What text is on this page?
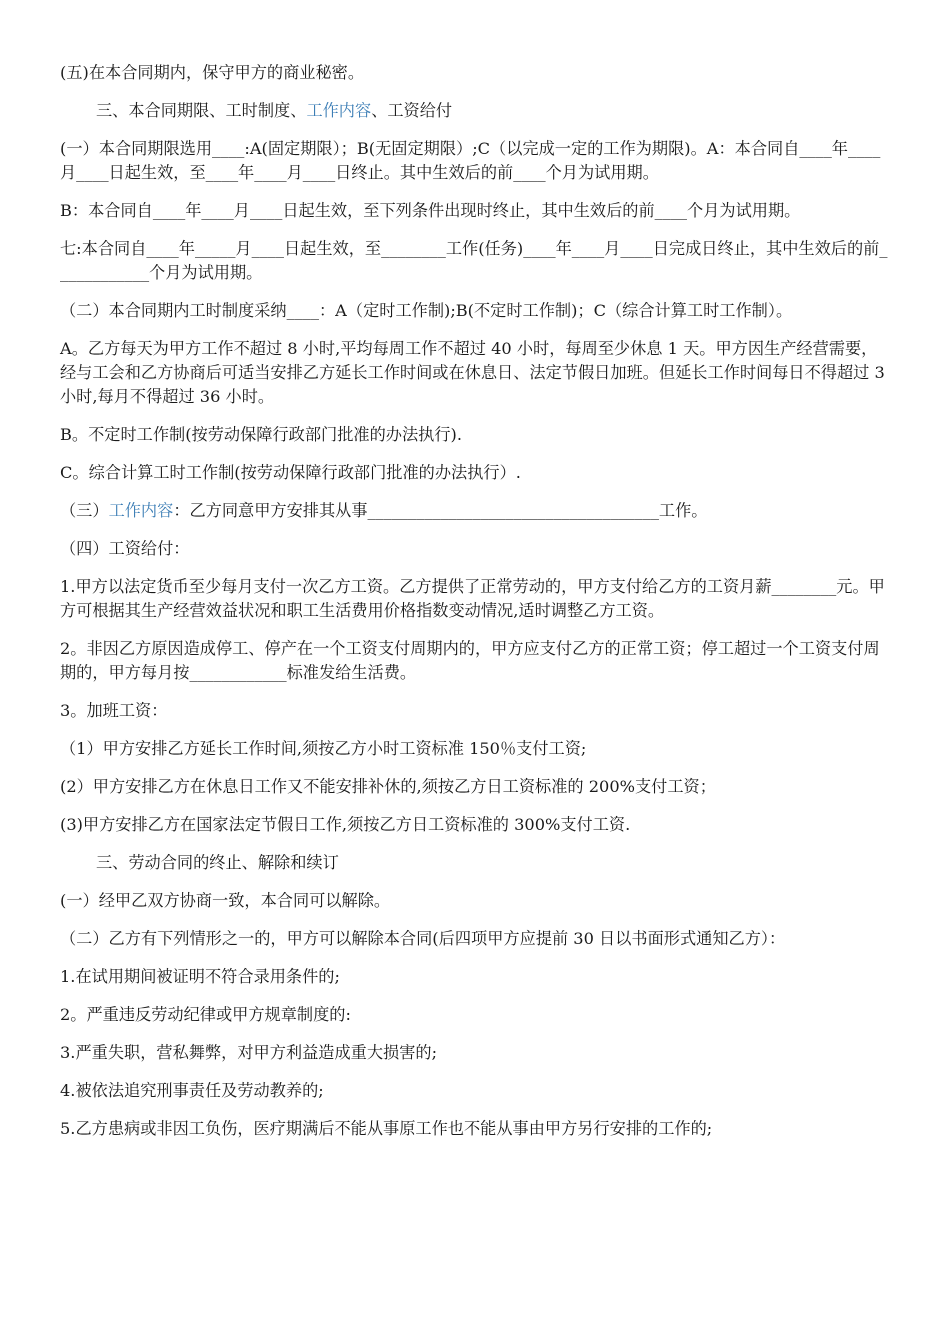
(五)在本合同期内，保守甲方的商业秘密。

三、本合同期限、工时制度、工作内容、工资给付

(一）本合同期限选用____:A(固定期限）；B(无固定期限）;C（以完成一定的工作为期限)。A：本合同自____年____月____日起生效，至____年____月____日终止。其中生效后的前____个月为试用期。

B：本合同自____年____月____日起生效，至下列条件出现时终止，其中生效后的前____个月为试用期。

七:本合同自____年_____月____日起生效，至________工作(任务)____年____月____日完成日终止，其中生效后的前____________个月为试用期。

（二）本合同期内工时制度采纳____：A（定时工作制);B(不定时工作制)；C（综合计算工时工作制）。

A。乙方每天为甲方工作不超过 8 小时,平均每周工作不超过 40 小时，每周至少休息 1 天。甲方因生产经营需要，经与工会和乙方协商后可适当安排乙方延长工作时间或在休息日、法定节假日加班。但延长工作时间每日不得超过 3 小时,每月不得超过 36 小时。

B。不定时工作制(按劳动保障行政部门批准的办法执行).

C。综合计算工时工作制(按劳动保障行政部门批准的办法执行）.

（三）工作内容：乙方同意甲方安排其从事____________________________________工作。

（四）工资给付：

1.甲方以法定货币至少每月支付一次乙方工资。乙方提供了正常劳动的，甲方支付给乙方的工资月薪________元。甲方可根据其生产经营效益状况和职工生活费用价格指数变动情况,适时调整乙方工资。

2。非因乙方原因造成停工、停产在一个工资支付周期内的，甲方应支付乙方的正常工资；停工超过一个工资支付周期的，甲方每月按____________标准发给生活费。

3。加班工资：

（1）甲方安排乙方延长工作时间,须按乙方小时工资标准 150％支付工资;

(2）甲方安排乙方在休息日工作又不能安排补休的,须按乙方日工资标准的 200%支付工资；

(3)甲方安排乙方在国家法定节假日工作,须按乙方日工资标准的 300%支付工资.

三、劳动合同的终止、解除和续订

(一）经甲乙双方协商一致，本合同可以解除。

（二）乙方有下列情形之一的，甲方可以解除本合同(后四项甲方应提前 30 日以书面形式通知乙方）：

1.在试用期间被证明不符合录用条件的;

2。严重违反劳动纪律或甲方规章制度的:

3.严重失职，营私舞弊，对甲方利益造成重大损害的;

4.被依法追究刑事责任及劳动教养的;

5.乙方患病或非因工负伤，医疗期满后不能从事原工作也不能从事由甲方另行安排的工作的;
